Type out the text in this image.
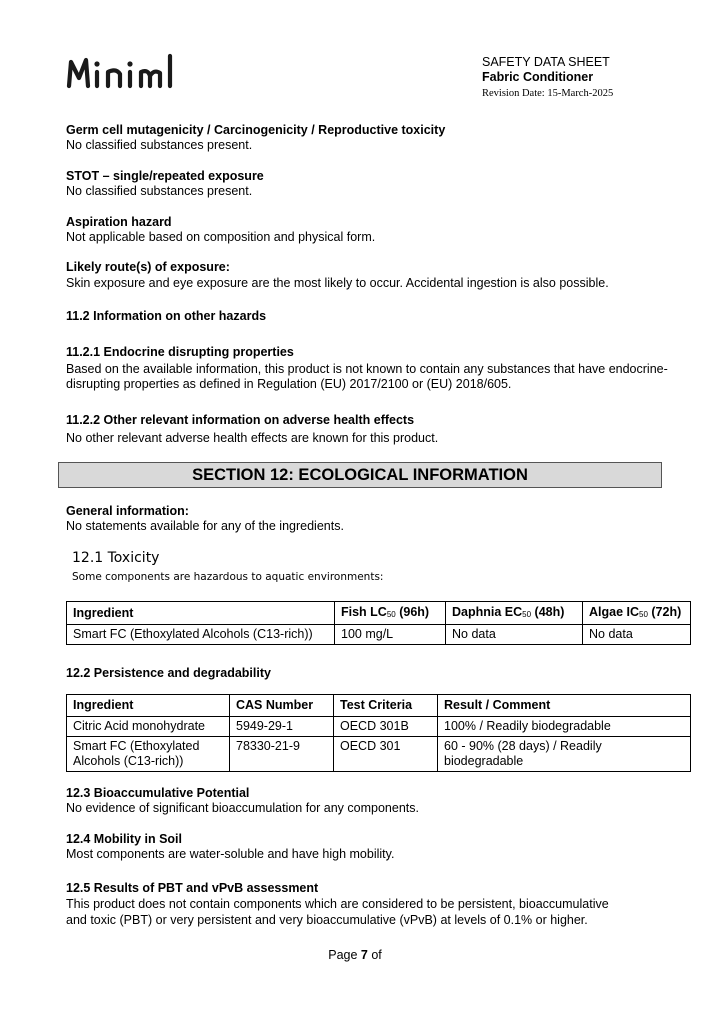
SAFETY DATA SHEET
Fabric Conditioner
Revision Date: 15-March-2025
Germ cell mutagenicity / Carcinogenicity / Reproductive toxicity
No classified substances present.
STOT – single/repeated exposure
No classified substances present.
Aspiration hazard
Not applicable based on composition and physical form.
Likely route(s) of exposure:
Skin exposure and eye exposure are the most likely to occur. Accidental ingestion is also possible.
11.2 Information on other hazards
11.2.1 Endocrine disrupting properties
Based on the available information, this product is not known to contain any substances that have endocrine-
disrupting properties as defined in Regulation (EU) 2017/2100 or (EU) 2018/605.
11.2.2 Other relevant information on adverse health effects
No other relevant adverse health effects are known for this product.
SECTION 12: ECOLOGICAL INFORMATION
General information:
No statements available for any of the ingredients.
12.1 Toxicity
Some components are hazardous to aquatic environments:
Ingredient	Fish $LC_{50}$ (96h)	Daphnia $EC_{50}$ (48h)	Algae $IC_{50}$ (72h)
Smart FC (Ethoxylated Alcohols (C13-rich))	100 mg/L	No data	No data
12.2 Persistence and degradability
Ingredient	CAS Number	Test Criteria	Result / Comment
Citric Acid monohydrate	5949-29-1	OECD 301B	100% / Readily biodegradable
Smart FC (Ethoxylated Alcohols (C13-rich))	78330-21-9	OECD 301	60 - 90% (28 days) / Readily biodegradable
12.3 Bioaccumulative Potential
No evidence of significant bioaccumulation for any components.
12.4 Mobility in Soil
Most components are water-soluble and have high mobility.
12.5 Results of PBT and vPvB assessment
This product does not contain components which are considered to be persistent, bioaccumulative
and toxic (PBT) or very persistent and very bioaccumulative (vPvB) at levels of 0.1% or higher.
Page 7 of
